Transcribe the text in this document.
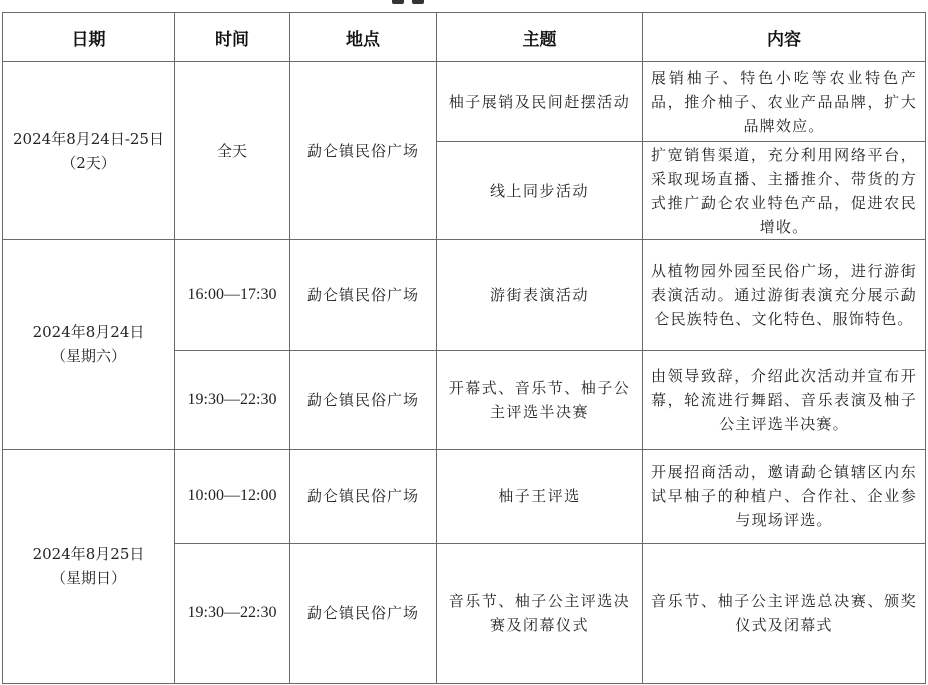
日期	时间	地点	主题	内容

2024年8月24日-25日
（2天）	全天	勐仑镇民俗广场	柚子展销及民间赶摆活动	展销柚子、特色小吃等农业特色产品，推介柚子、农业产品品牌，扩大品牌效应。
			线上同步活动	扩宽销售渠道，充分利用网络平台，采取现场直播、主播推介、带货的方式推广勐仑农业特色产品，促进农民增收。

2024年8月24日
（星期六）	16:00—17:30	勐仑镇民俗广场	游街表演活动	从植物园外园至民俗广场，进行游街表演活动。通过游街表演充分展示勐仑民族特色、文化特色、服饰特色。
	19:30—22:30	勐仑镇民俗广场	开幕式、音乐节、柚子公主评选半决赛	由领导致辞，介绍此次活动并宣布开幕，轮流进行舞蹈、音乐表演及柚子公主评选半决赛。

2024年8月25日
（星期日）	10:00—12:00	勐仑镇民俗广场	柚子王评选	开展招商活动，邀请勐仑镇辖区内东试早柚子的种植户、合作社、企业参与现场评选。
	19:30—22:30	勐仑镇民俗广场	音乐节、柚子公主评选决赛及闭幕仪式	音乐节、柚子公主评选总决赛、颁奖仪式及闭幕式
